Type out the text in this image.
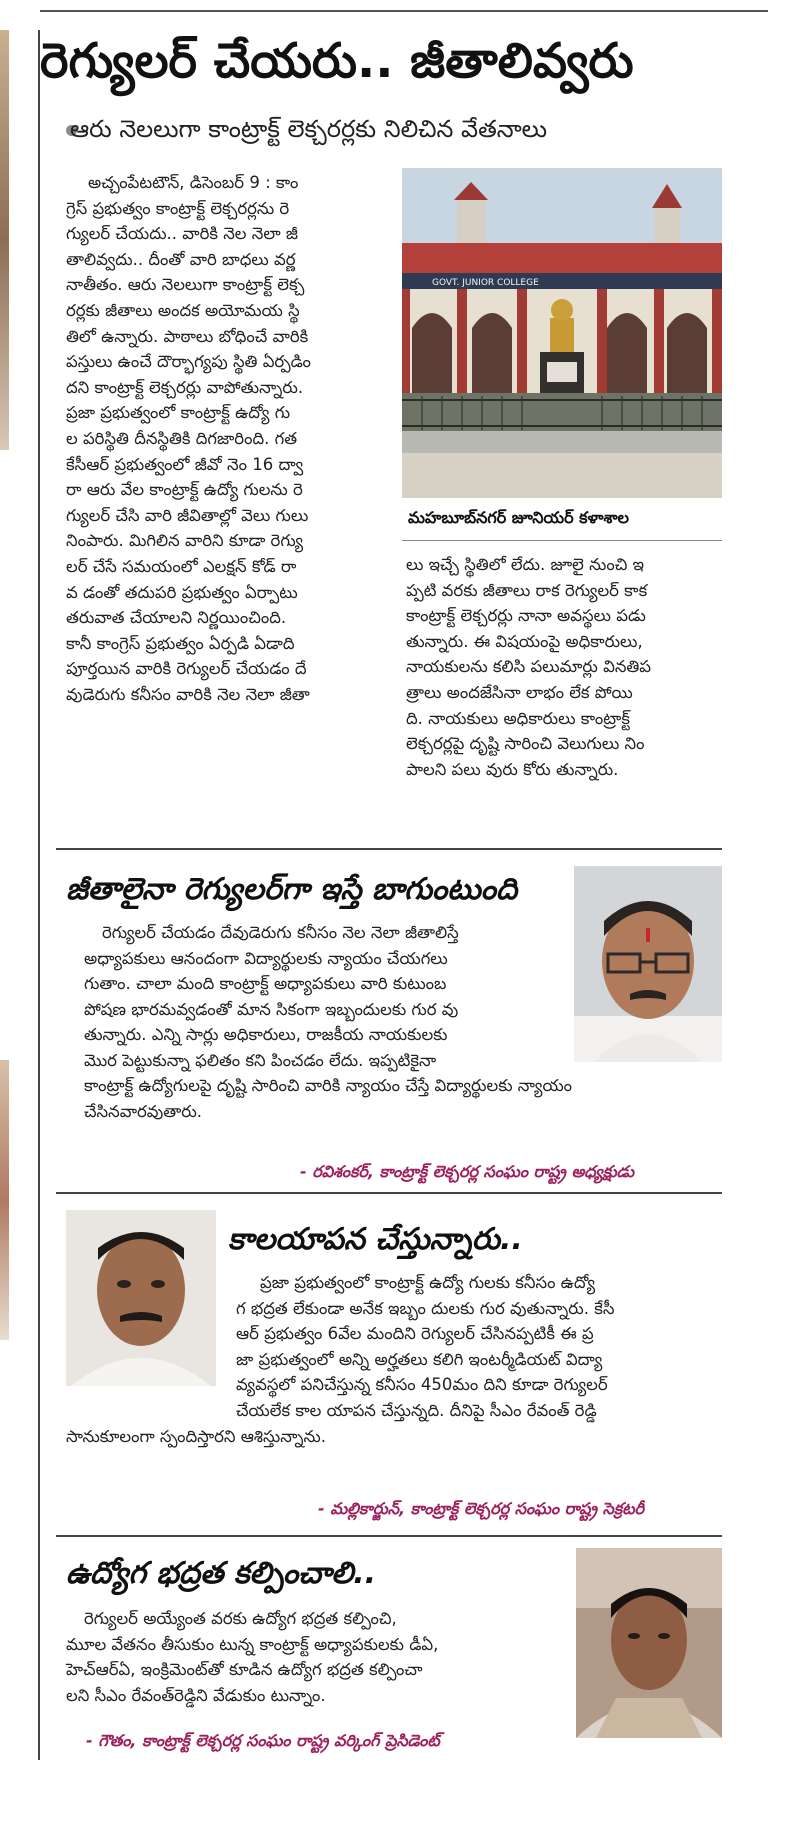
రెగ్యులర్ చేయరు.. జీతాలివ్వరు
ఆరు నెలలుగా కాంట్రాక్ట్ లెక్చరర్లకు నిలిచిన వేతనాలు
అచ్చంపేటటౌన్, డిసెంబర్ 9 : కాం
గ్రెస్ ప్రభుత్వం కాంట్రాక్ట్ లెక్చరర్లను రె
గ్యులర్ చేయదు.. వారికి నెల నెలా జీ
తాలివ్వదు.. దీంతో వారి బాధలు వర్ణ
నాతీతం. ఆరు నెలలుగా కాంట్రాక్ట్ లెక్చ
రర్లకు జీతాలు అందక అయోమయ స్థి
తిలో ఉన్నారు. పాఠాలు బోధించే వారికి
పస్తులు ఉంచే దౌర్భాగ్యపు స్థితి ఏర్పడిం
దని కాంట్రాక్ట్ లెక్చరర్లు వాపోతున్నారు.
ప్రజా ప్రభుత్వంలో కాంట్రాక్ట్ ఉద్యో గు
ల పరిస్థితి దీనస్థితికి దిగజారింది. గత
కేసీఆర్ ప్రభుత్వంలో జీవో నెం 16 ద్వా
రా ఆరు వేల కాంట్రాక్ట్ ఉద్యో గులను రె
గ్యులర్ చేసి వారి జీవితాల్లో వెలు గులు
నింపారు. మిగిలిన వారిని కూడా రెగ్యు
లర్ చేసే సమయంలో ఎలక్షన్ కోడ్ రా
వ డంతో తదుపరి ప్రభుత్వం ఏర్పాటు
తరువాత చేయాలని నిర్ణయించింది.
కానీ కాంగ్రెస్ ప్రభుత్వం ఏర్పడి ఏడాది
పూర్తయిన వారికి రెగ్యులర్ చేయడం దే
వుడెరుగు కనీసం వారికి నెల నెలా జీతా
GOVT. JUNIOR COLLEGE
మహబూబ్‌నగర్ జూనియర్ కళాశాల
లు ఇచ్చే స్థితిలో లేదు. జూలై నుంచి ఇ
ప్పటి వరకు జీతాలు రాక రెగ్యులర్ కాక
కాంట్రాక్ట్ లెక్చరర్లు నానా అవస్థలు పడు
తున్నారు. ఈ విషయంపై అధికారులు,
నాయకులను కలిసి పలుమార్లు వినతిప
త్రాలు అందజేసినా లాభం లేక పోయి
ది. నాయకులు అధికారులు కాంట్రాక్ట్
లెక్చరర్లపై దృష్టి సారించి వెలుగులు నిం
పాలని పలు వురు కోరు తున్నారు.
జీతాలైనా రెగ్యులర్‌గా ఇస్తే బాగుంటుంది
రెగ్యులర్ చేయడం దేవుడెరుగు కనీసం నెల నెలా జీతాలిస్తే
అధ్యాపకులు ఆనందంగా విద్యార్థులకు న్యాయం చేయగలు
గుతాం. చాలా మంది కాంట్రాక్ట్ అధ్యాపకులు వారి కుటుంబ
పోషణ భారమవ్వడంతో మాన సికంగా ఇబ్బందులకు గుర వు
తున్నారు. ఎన్ని సార్లు అధికారులు, రాజకీయ నాయకులకు
మొర పెట్టుకున్నా ఫలితం కని పించడం లేదు. ఇప్పటికైనా
కాంట్రాక్ట్ ఉద్యోగులపై దృష్టి సారించి వారికి న్యాయం చేస్తే విద్యార్థులకు న్యాయం
చేసినవారవుతారు.
- రవిశంకర్, కాంట్రాక్ట్ లెక్చరర్ల సంఘం రాష్ట్ర అధ్యక్షుడు
కాలయాపన చేస్తున్నారు..
ప్రజా ప్రభుత్వంలో కాంట్రాక్ట్ ఉద్యో గులకు కనీసం ఉద్యో
గ భద్రత లేకుండా అనేక ఇబ్బం దులకు గుర వుతున్నారు. కేసీ
ఆర్ ప్రభుత్వం 6వేల మందిని రెగ్యులర్ చేసినప్పటికీ ఈ ప్ర
జా ప్రభుత్వంలో అన్ని అర్హతలు కలిగి ఇంటర్మీడియట్ విద్యా
వ్యవస్థలో పనిచేస్తున్న కనీసం 450మం దిని కూడా రెగ్యులర్
చేయలేక కాల యాపన చేస్తున్నది. దీనిపై సీఎం రేవంత్ రెడ్డి
సానుకూలంగా స్పందిస్తారని ఆశిస్తున్నాను.
- మల్లికార్జున్, కాంట్రాక్ట్ లెక్చరర్ల సంఘం రాష్ట్ర సెక్రటరీ
ఉద్యోగ భద్రత కల్పించాలి..
రెగ్యులర్ అయ్యేంత వరకు ఉద్యోగ భద్రత కల్పించి,
మూల వేతనం తీసుకుం టున్న కాంట్రాక్ట్ అధ్యాపకులకు డీఏ,
హెచ్ఆర్ఏ, ఇంక్రిమెంట్‌తో కూడిన ఉద్యోగ భద్రత కల్పించా
లని సీఎం రేవంత్‌రెడ్డిని వేడుకుం టున్నాం.
- గౌతం, కాంట్రాక్ట్ లెక్చరర్ల సంఘం రాష్ట్ర వర్కింగ్ ప్రెసిడెంట్
